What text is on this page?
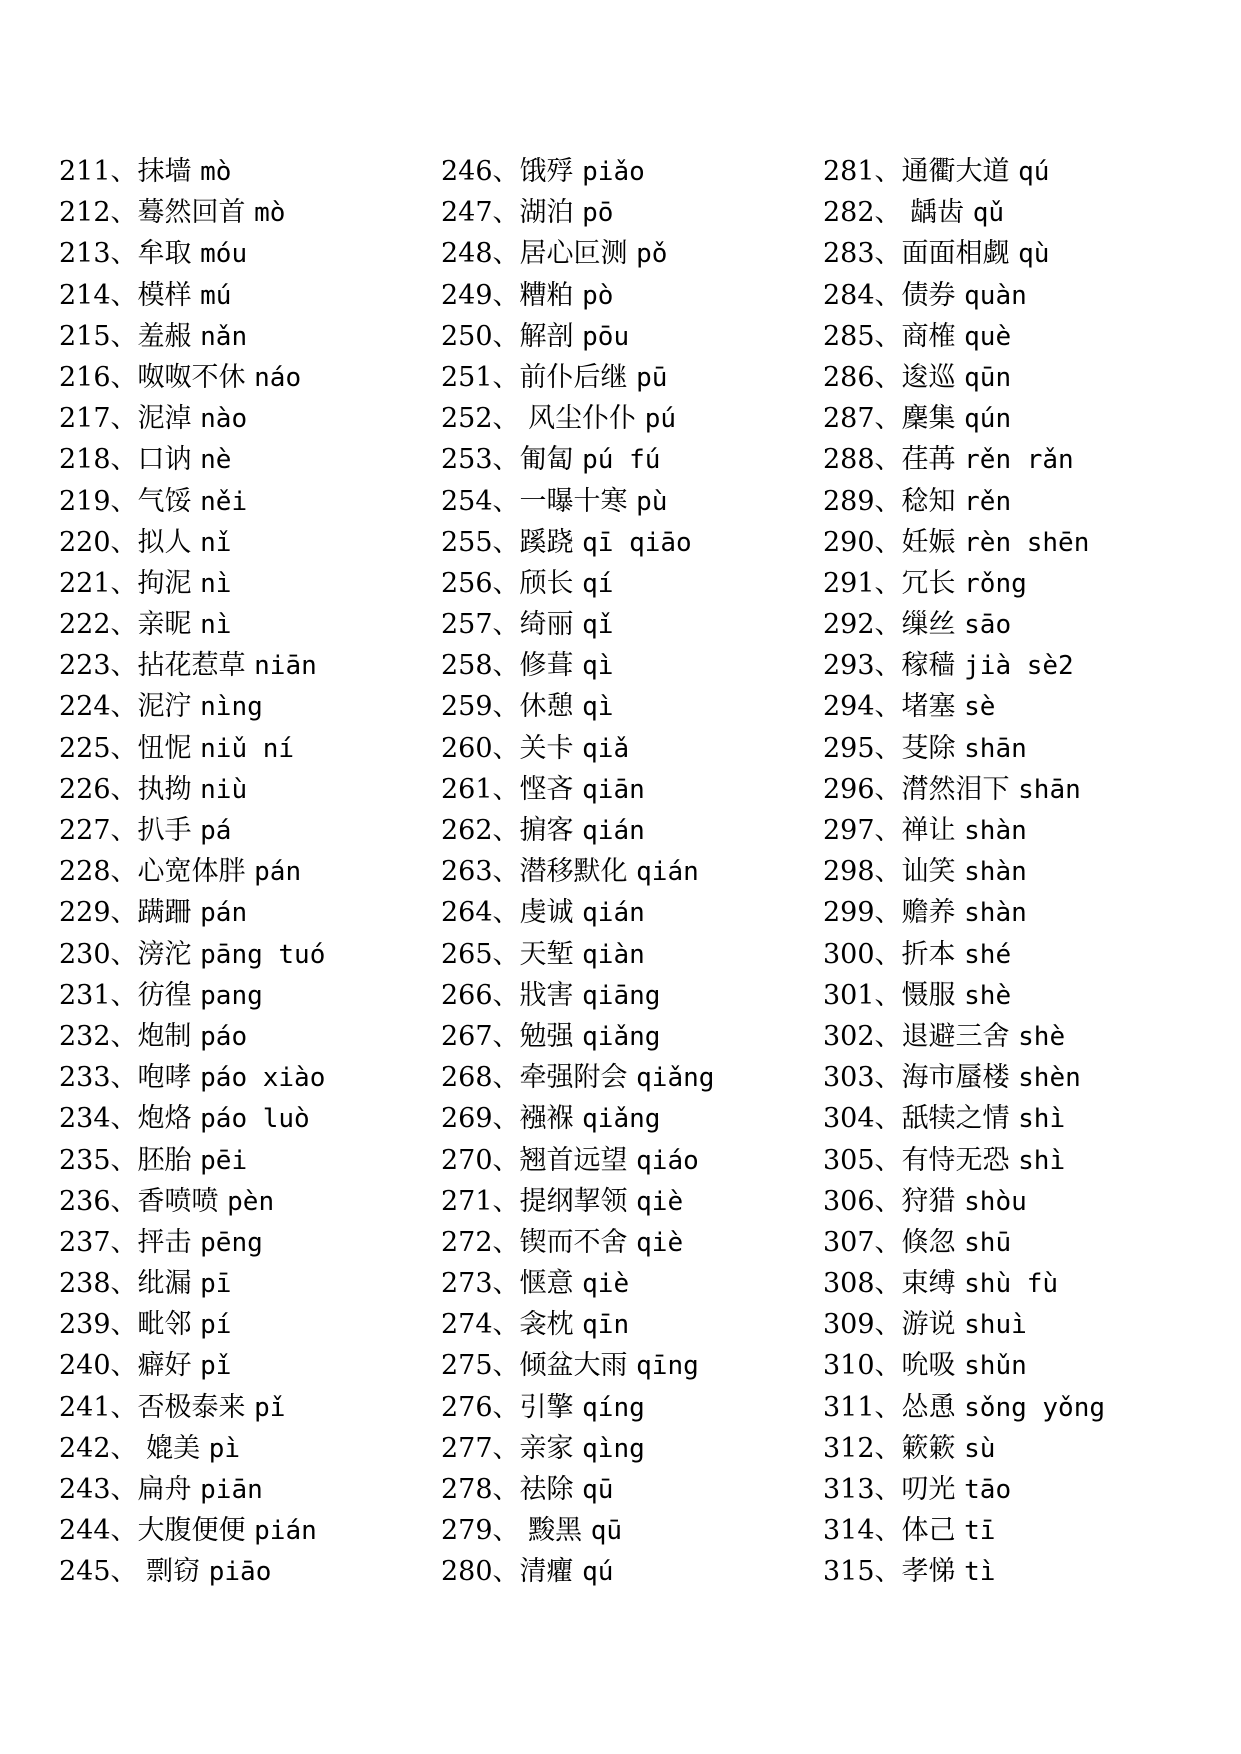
211、抹墙 mò
212、蓦然回首 mò
213、牟取 móu
214、模样 mú
215、羞赧 nǎn
216、呶呶不休 náo
217、泥淖 nào
218、口讷 nè
219、气馁 něi
220、拟人 nǐ
221、拘泥 nì
222、亲昵 nì
223、拈花惹草 niān
224、泥泞 nìng
225、忸怩 niǔ ní
226、执拗 niù
227、扒手 pá
228、心宽体胖 pán
229、蹒跚 pán
230、滂沱 pāng tuó
231、彷徨 pang
232、炮制 páo
233、咆哮 páo xiào
234、炮烙 páo luò
235、胚胎 pēi
236、香喷喷 pèn
237、抨击 pēng
238、纰漏 pī
239、毗邻 pí
240、癖好 pǐ
241、否极泰来 pǐ
242、 媲美 pì
243、扁舟 piān
244、大腹便便 pián
245、 剽窃 piāo
246、饿殍 piǎo
247、湖泊 pō
248、居心叵测 pǒ
249、糟粕 pò
250、解剖 pōu
251、前仆后继 pū
252、 风尘仆仆 pú
253、匍匐 pú fú
254、一曝十寒 pù
255、蹊跷 qī qiāo
256、颀长 qí
257、绮丽 qǐ
258、修葺 qì
259、休憩 qì
260、关卡 qiǎ
261、悭吝 qiān
262、掮客 qián
263、潜移默化 qián
264、虔诚 qián
265、天堑 qiàn
266、戕害 qiāng
267、勉强 qiǎng
268、牵强附会 qiǎng
269、襁褓 qiǎng
270、翘首远望 qiáo
271、提纲挈领 qiè
272、锲而不舍 qiè
273、惬意 qiè
274、衾枕 qīn
275、倾盆大雨 qīng
276、引擎 qíng
277、亲家 qìng
278、祛除 qū
279、 黢黑 qū
280、清癯 qú
281、通衢大道 qú
282、 龋齿 qǔ
283、面面相觑 qù
284、债券 quàn
285、商榷 què
286、逡巡 qūn
287、麇集 qún
288、荏苒 rěn rǎn
289、稔知 rěn
290、妊娠 rèn shēn
291、冗长 rǒng
292、缫丝 sāo
293、稼穑 jià sè2
294、堵塞 sè
295、芟除 shān
296、潸然泪下 shān
297、禅让 shàn
298、讪笑 shàn
299、赡养 shàn
300、折本 shé
301、慑服 shè
302、退避三舍 shè
303、海市蜃楼 shèn
304、舐犊之情 shì
305、有恃无恐 shì
306、狩猎 shòu
307、倏忽 shū
308、束缚 shù fù
309、游说 shuì
310、吮吸 shǔn
311、怂恿 sǒng yǒng
312、簌簌 sù
313、叨光 tāo
314、体己 tī
315、孝悌 tì
